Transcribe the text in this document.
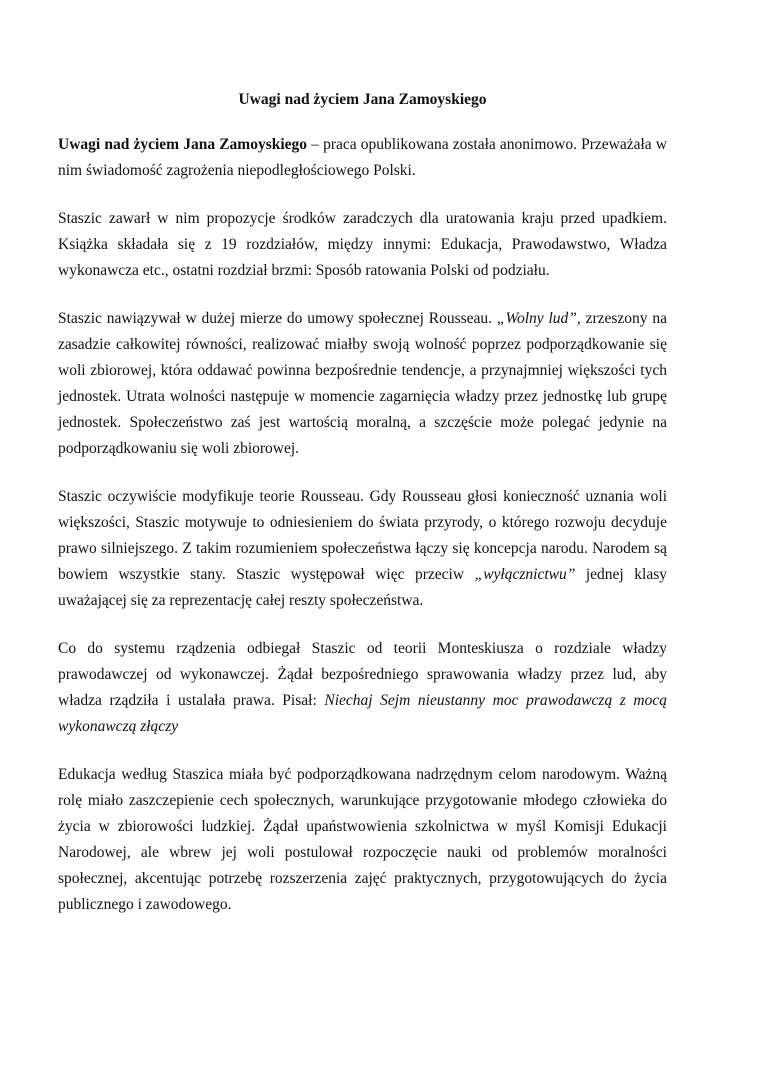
Uwagi nad życiem Jana Zamoyskiego

Uwagi nad życiem Jana Zamoyskiego – praca opublikowana została anonimowo. Przeważała w nim świadomość zagrożenia niepodległościowego Polski.

Staszic zawarł w nim propozycje środków zaradczych dla uratowania kraju przed upadkiem. Książka składała się z 19 rozdziałów, między innymi: Edukacja, Prawodawstwo, Władza wykonawcza etc., ostatni rozdział brzmi: Sposób ratowania Polski od podziału.

Staszic nawiązywał w dużej mierze do umowy społecznej Rousseau. „Wolny lud”, zrzeszony na zasadzie całkowitej równości, realizować miałby swoją wolność poprzez podporządkowanie się woli zbiorowej, która oddawać powinna bezpośrednie tendencje, a przynajmniej większości tych jednostek. Utrata wolności następuje w momencie zagarnięcia władzy przez jednostkę lub grupę jednostek. Społeczeństwo zaś jest wartością moralną, a szczęście może polegać jedynie na podporządkowaniu się woli zbiorowej.

Staszic oczywiście modyfikuje teorie Rousseau. Gdy Rousseau głosi konieczność uznania woli większości, Staszic motywuje to odniesieniem do świata przyrody, o którego rozwoju decyduje prawo silniejszego. Z takim rozumieniem społeczeństwa łączy się koncepcja narodu. Narodem są bowiem wszystkie stany. Staszic występował więc przeciw „wyłącznictwu” jednej klasy uważającej się za reprezentację całej reszty społeczeństwa.

Co do systemu rządzenia odbiegał Staszic od teorii Monteskiusza o rozdziale władzy prawodawczej od wykonawczej. Żądał bezpośredniego sprawowania władzy przez lud, aby władza rządziła i ustalała prawa. Pisał: Niechaj Sejm nieustanny moc prawodawczą z mocą wykonawczą złączy

Edukacja według Staszica miała być podporządkowana nadrzędnym celom narodowym. Ważną rolę miało zaszczepienie cech społecznych, warunkujące przygotowanie młodego człowieka do życia w zbiorowości ludzkiej. Żądał upaństwowienia szkolnictwa w myśl Komisji Edukacji Narodowej, ale wbrew jej woli postulował rozpoczęcie nauki od problemów moralności społecznej, akcentując potrzebę rozszerzenia zajęć praktycznych, przygotowujących do życia publicznego i zawodowego.
